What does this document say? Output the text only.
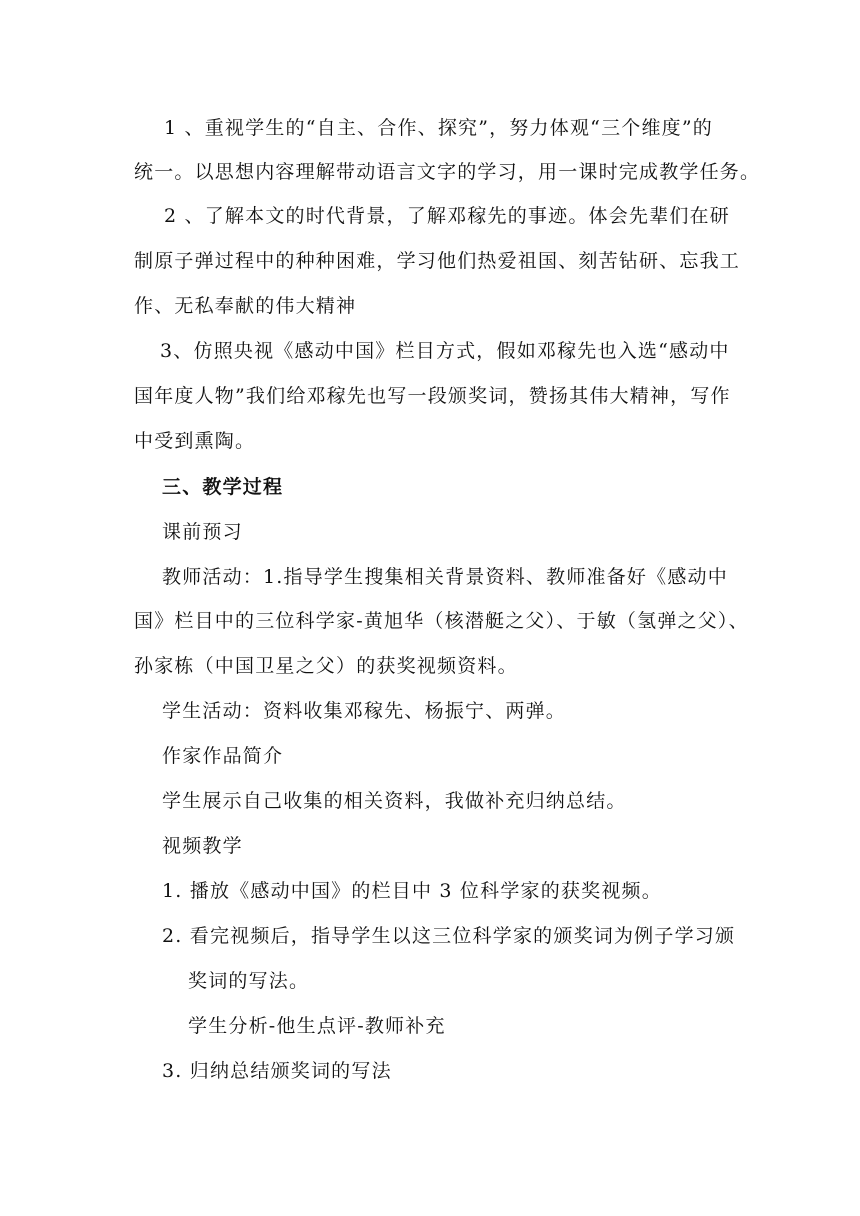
1 、重视学生的“自主、合作、探究”，努力体观“三个维度”的
统一。以思想内容理解带动语言文字的学习，用一课时完成教学任务。
2 、了解本文的时代背景，了解邓稼先的事迹。体会先辈们在研
制原子弹过程中的种种困难，学习他们热爱祖国、刻苦钻研、忘我工
作、无私奉献的伟大精神
3、仿照央视《感动中国》栏目方式，假如邓稼先也入选“感动中
国年度人物”我们给邓稼先也写一段颁奖词，赞扬其伟大精神，写作
中受到熏陶。
三、教学过程
课前预习
教师活动：1.指导学生搜集相关背景资料、教师准备好《感动中
国》栏目中的三位科学家-黄旭华（核潜艇之父）、于敏（氢弹之父）、
孙家栋（中国卫星之父）的获奖视频资料。
学生活动：资料收集邓稼先、杨振宁、两弹。
作家作品简介
学生展示自己收集的相关资料，我做补充归纳总结。
视频教学
1. 播放《感动中国》的栏目中 3 位科学家的获奖视频。
2. 看完视频后，指导学生以这三位科学家的颁奖词为例子学习颁
奖词的写法。
学生分析-他生点评-教师补充
3. 归纳总结颁奖词的写法
